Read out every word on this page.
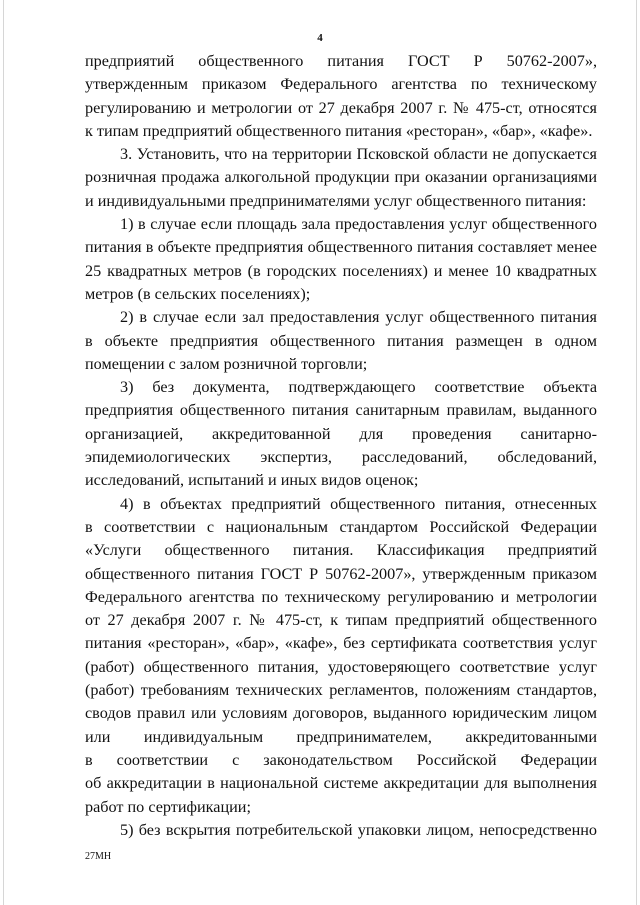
4
предприятий общественного питания ГОСТ Р 50762-2007»,
утвержденным приказом Федерального агентства по техническому
регулированию и метрологии от 27 декабря 2007 г. № 475-ст, относятся
к типам предприятий общественного питания «ресторан», «бар», «кафе».
3. Установить, что на территории Псковской области не допускается
розничная продажа алкогольной продукции при оказании организациями
и индивидуальными предпринимателями услуг общественного питания:
1) в случае если площадь зала предоставления услуг общественного
питания в объекте предприятия общественного питания составляет менее
25 квадратных метров (в городских поселениях) и менее 10 квадратных
метров (в сельских поселениях);
2) в случае если зал предоставления услуг общественного питания
в объекте предприятия общественного питания размещен в одном
помещении с залом розничной торговли;
3) без документа, подтверждающего соответствие объекта
предприятия общественного питания санитарным правилам, выданного
организацией, аккредитованной для проведения санитарно-
эпидемиологических экспертиз, расследований, обследований,
исследований, испытаний и иных видов оценок;
4) в объектах предприятий общественного питания, отнесенных
в соответствии с национальным стандартом Российской Федерации
«Услуги общественного питания. Классификация предприятий
общественного питания ГОСТ Р 50762-2007», утвержденным приказом
Федерального агентства по техническому регулированию и метрологии
от 27 декабря 2007 г. № 475-ст, к типам предприятий общественного
питания «ресторан», «бар», «кафе», без сертификата соответствия услуг
(работ) общественного питания, удостоверяющего соответствие услуг
(работ) требованиям технических регламентов, положениям стандартов,
сводов правил или условиям договоров, выданного юридическим лицом
или индивидуальным предпринимателем, аккредитованными
в соответствии с законодательством Российской Федерации
об аккредитации в национальной системе аккредитации для выполнения
работ по сертификации;
5) без вскрытия потребительской упаковки лицом, непосредственно
27МН
